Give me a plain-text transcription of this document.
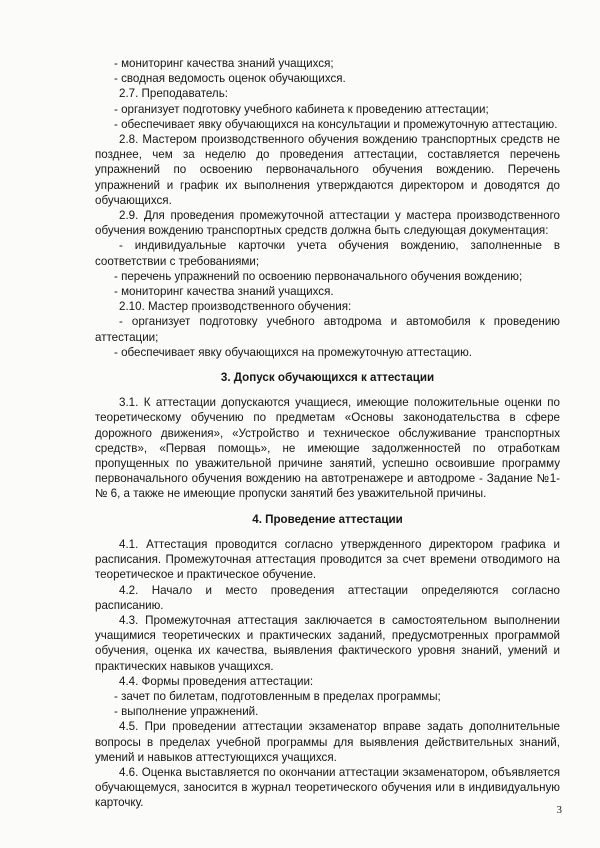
- мониторинг качества знаний учащихся;

- сводная ведомость оценок обучающихся.

2.7. Преподаватель:

- организует подготовку учебного кабинета к проведению аттестации;

- обеспечивает явку обучающихся на консультации и промежуточную аттестацию.

2.8. Мастером производственного обучения вождению транспортных средств не позднее, чем за неделю до проведения аттестации, составляется перечень упражнений по освоению первоначального обучения вождению. Перечень упражнений и график их выполнения утверждаются директором и доводятся до обучающихся.

2.9. Для проведения промежуточной аттестации у мастера производственного обучения вождению транспортных средств должна быть следующая документация:

- индивидуальные карточки учета обучения вождению, заполненные в соответствии с требованиями;

- перечень упражнений по освоению первоначального обучения вождению;

- мониторинг качества знаний учащихся.

2.10. Мастер производственного обучения:

- организует подготовку учебного автодрома и автомобиля к проведению аттестации;

- обеспечивает явку обучающихся на промежуточную аттестацию.

3. Допуск обучающихся к аттестации

3.1. К аттестации допускаются учащиеся, имеющие положительные оценки по теоретическому обучению по предметам «Основы законодательства в сфере дорожного движения», «Устройство и техническое обслуживание транспортных средств», «Первая помощь», не имеющие задолженностей по отработкам пропущенных по уважительной причине занятий, успешно освоившие программу первоначального обучения вождению на автотренажере и автодроме - Задание №1-№ 6, а также не имеющие пропуски занятий без уважительной причины.

4. Проведение аттестации

4.1. Аттестация проводится согласно утвержденного директором графика и расписания. Промежуточная аттестация проводится за счет времени отводимого на теоретическое и практическое обучение.

4.2. Начало и место проведения аттестации определяются согласно расписанию.

4.3. Промежуточная аттестация заключается в самостоятельном выполнении учащимися теоретических и практических заданий, предусмотренных программой обучения, оценка их качества, выявления фактического уровня знаний, умений и практических навыков учащихся.

4.4. Формы проведения аттестации:

- зачет по билетам, подготовленным в пределах программы;

- выполнение упражнений.

4.5. При проведении аттестации экзаменатор вправе задать дополнительные вопросы в пределах учебной программы для выявления действительных знаний, умений и навыков аттестующихся учащихся.

4.6. Оценка выставляется по окончании аттестации экзаменатором, объявляется обучающемуся, заносится в журнал теоретического обучения или в индивидуальную карточку.

3
